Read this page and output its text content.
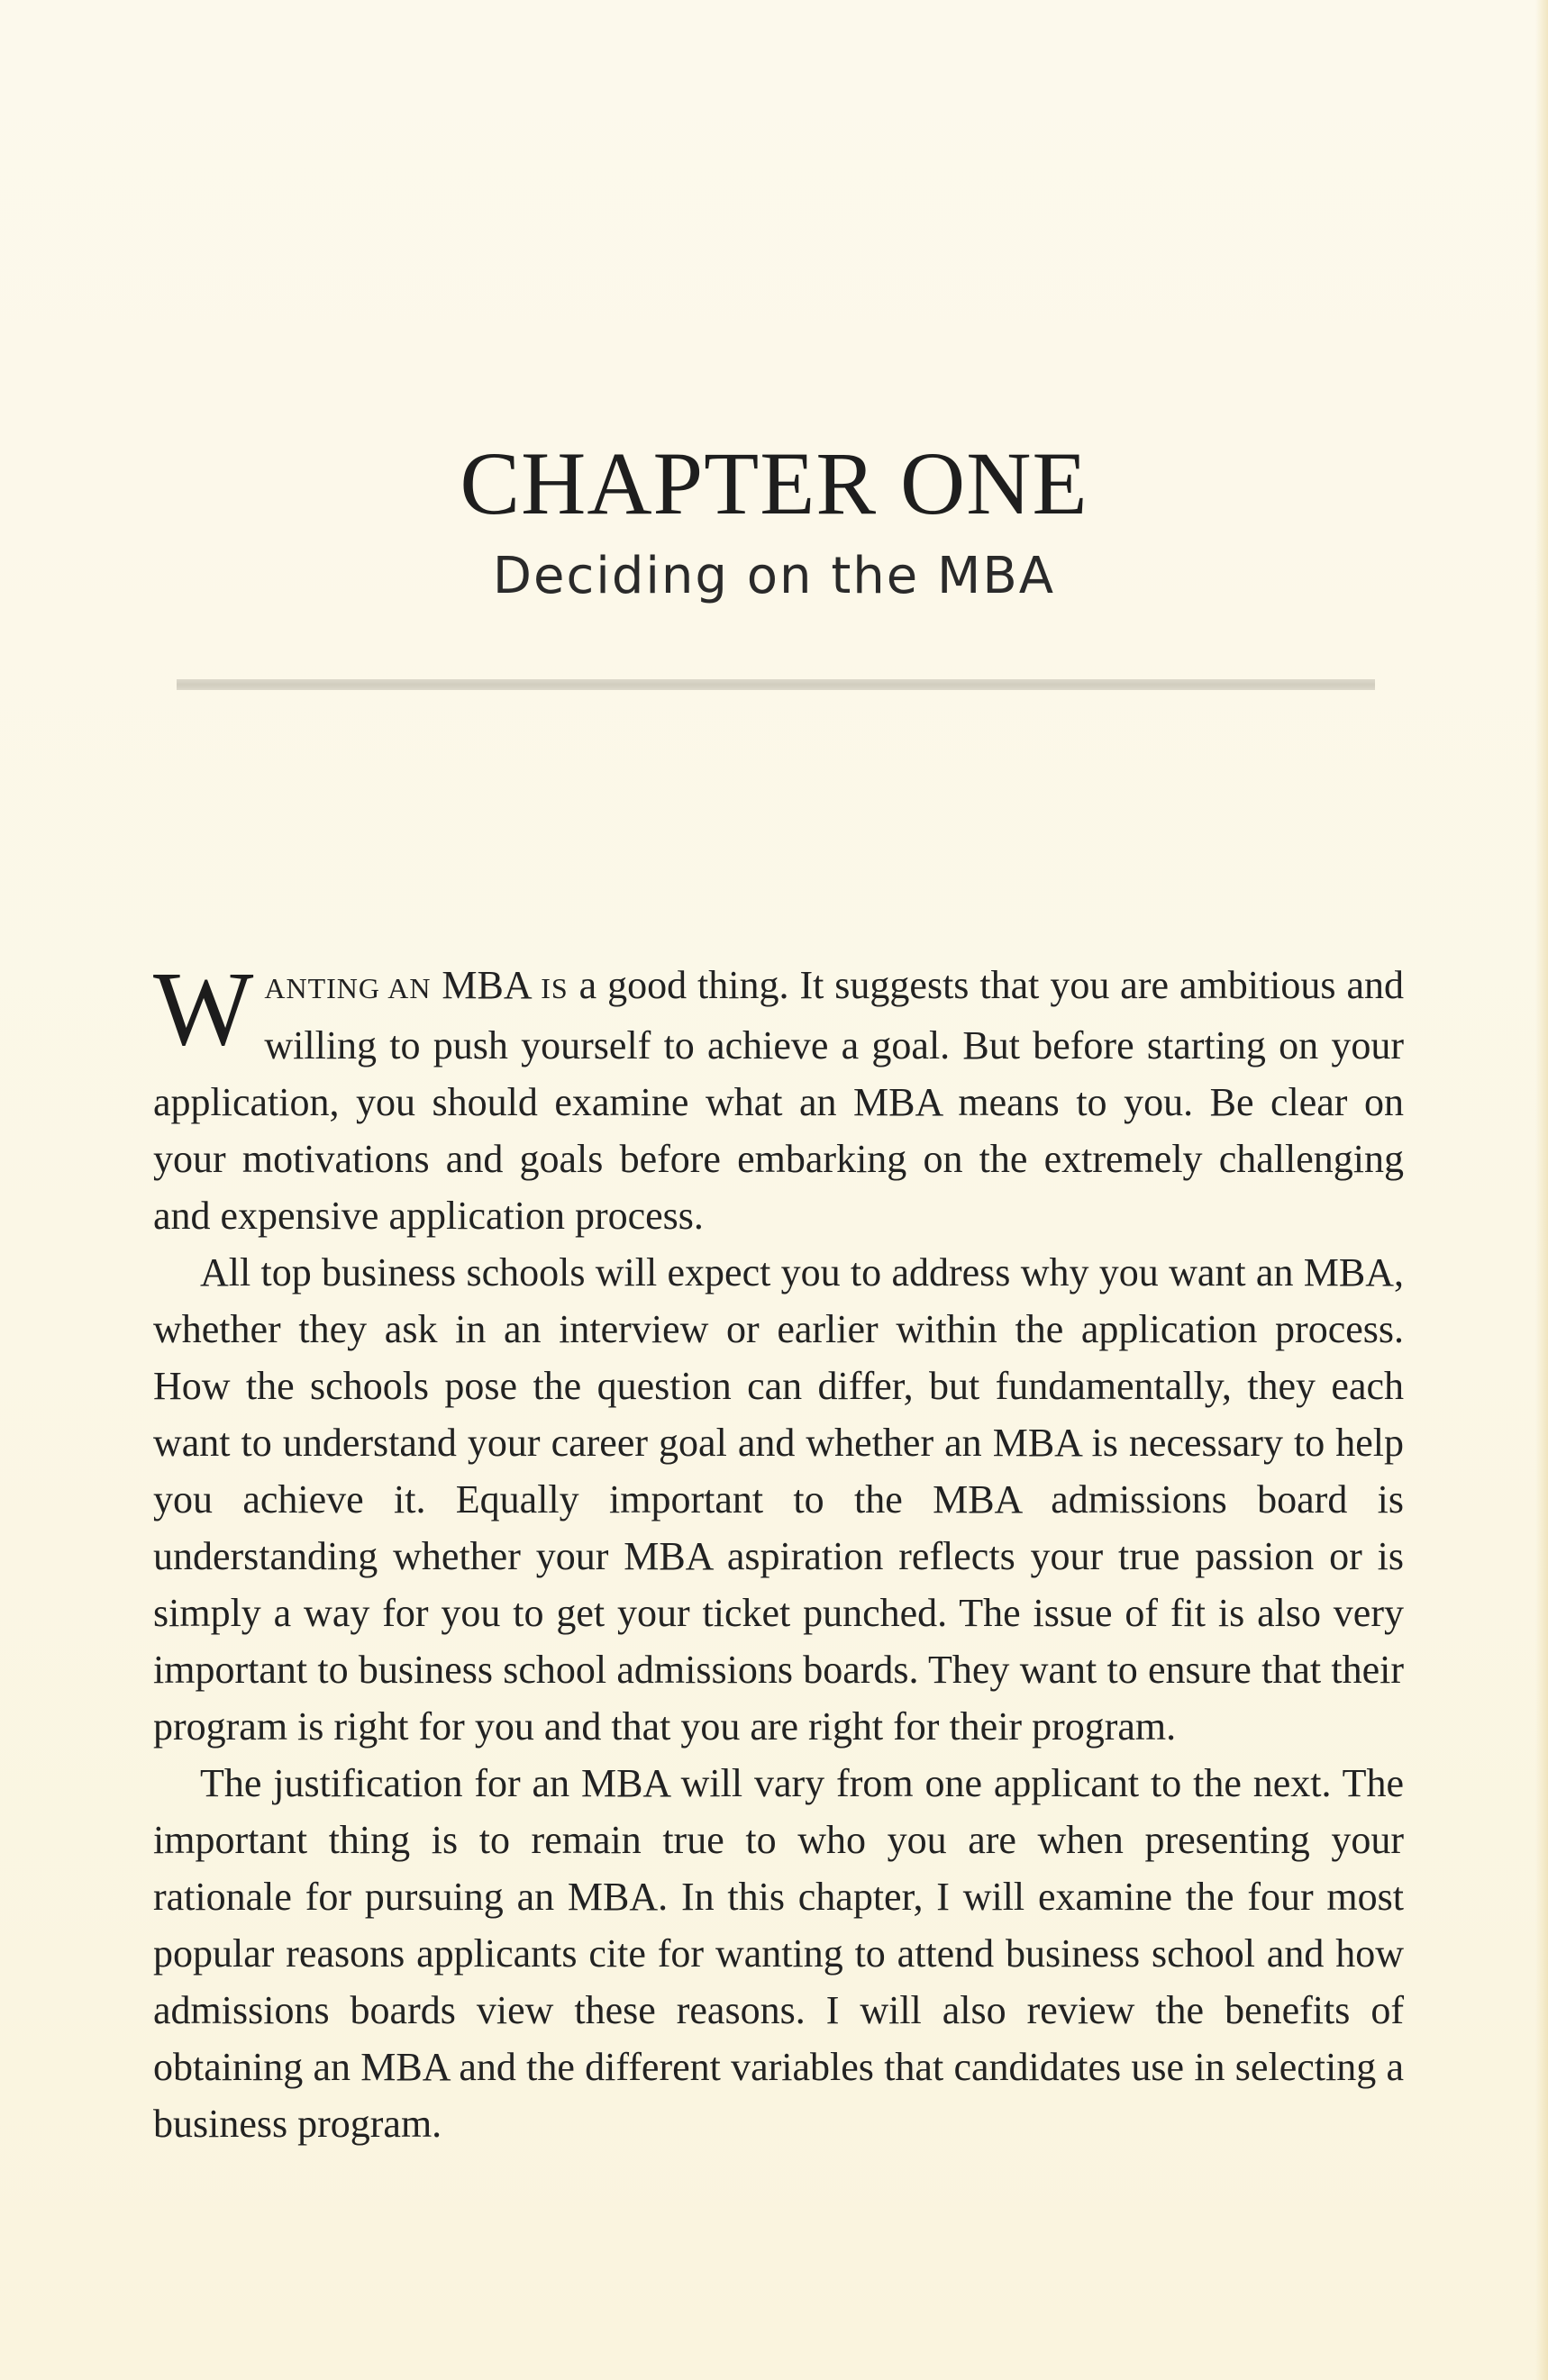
CHAPTER ONE
Deciding on the MBA

WANTING AN MBA IS a good thing. It suggests that you are ambitious and willing to push yourself to achieve a goal. But before starting on your application, you should examine what an MBA means to you. Be clear on your motivations and goals before embarking on the extremely challenging and expensive application process.

All top business schools will expect you to address why you want an MBA, whether they ask in an interview or earlier within the application process. How the schools pose the question can differ, but fundamentally, they each want to understand your career goal and whether an MBA is necessary to help you achieve it. Equally important to the MBA admissions board is understanding whether your MBA aspiration reflects your true passion or is simply a way for you to get your ticket punched. The issue of fit is also very important to business school admissions boards. They want to ensure that their program is right for you and that you are right for their program.

The justification for an MBA will vary from one applicant to the next. The important thing is to remain true to who you are when presenting your rationale for pursuing an MBA. In this chapter, I will examine the four most popular reasons applicants cite for wanting to attend business school and how admissions boards view these reasons. I will also review the benefits of obtaining an MBA and the different variables that candidates use in selecting a business program.
